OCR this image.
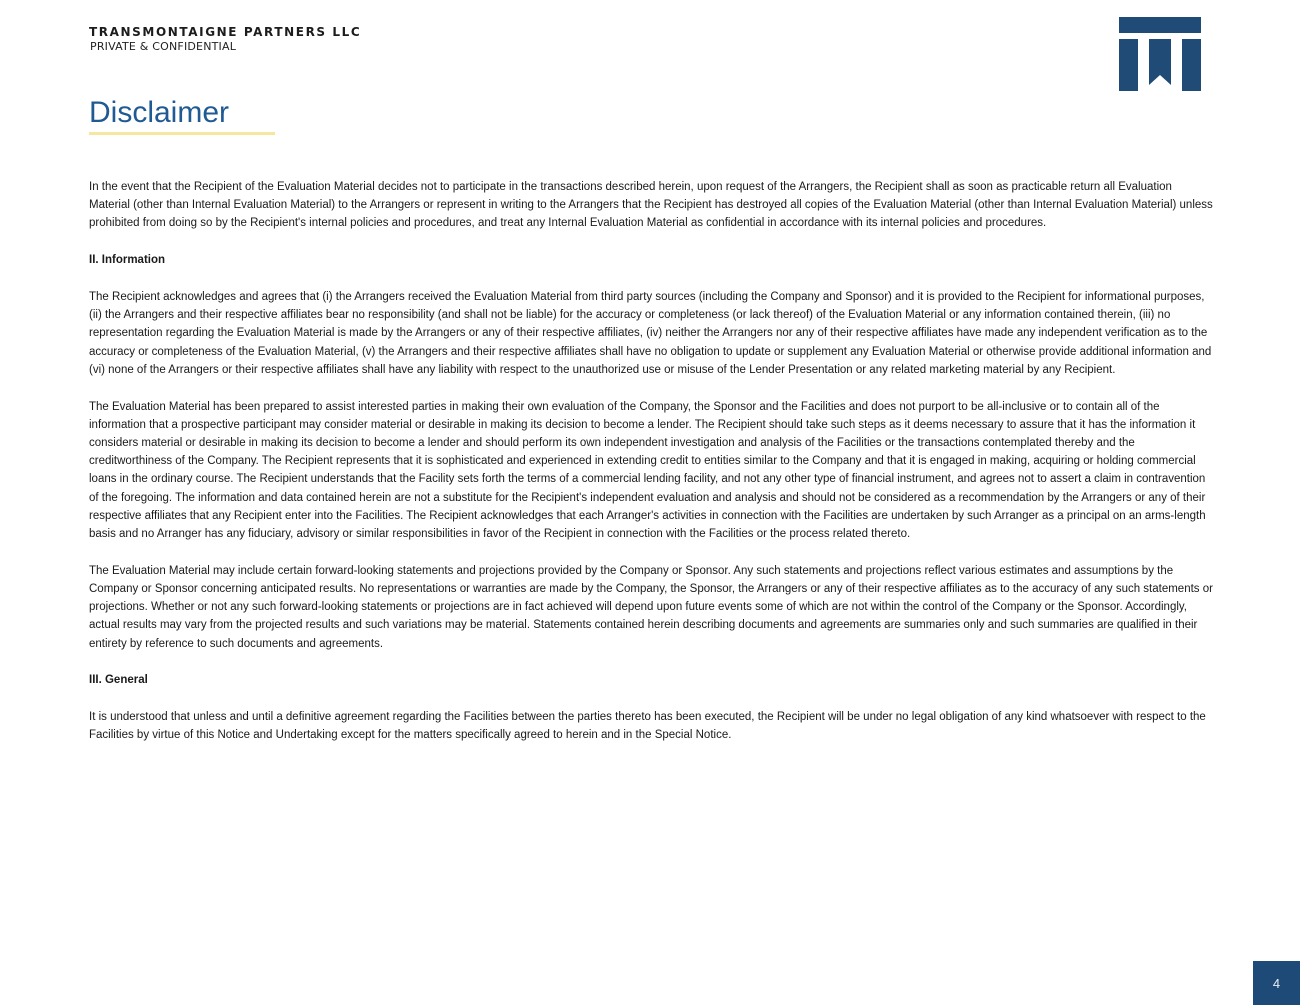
TRANSMONTAIGNE PARTNERS LLC
PRIVATE & CONFIDENTIAL
Disclaimer

In the event that the Recipient of the Evaluation Material decides not to participate in the transactions described herein, upon request of the Arrangers, the Recipient shall as soon as practicable return all Evaluation Material (other than Internal Evaluation Material) to the Arrangers or represent in writing to the Arrangers that the Recipient has destroyed all copies of the Evaluation Material (other than Internal Evaluation Material) unless prohibited from doing so by the Recipient's internal policies and procedures, and treat any Internal Evaluation Material as confidential in accordance with its internal policies and procedures.

II. Information

The Recipient acknowledges and agrees that (i) the Arrangers received the Evaluation Material from third party sources (including the Company and Sponsor) and it is provided to the Recipient for informational purposes, (ii) the Arrangers and their respective affiliates bear no responsibility (and shall not be liable) for the accuracy or completeness (or lack thereof) of the Evaluation Material or any information contained therein, (iii) no representation regarding the Evaluation Material is made by the Arrangers or any of their respective affiliates, (iv) neither the Arrangers nor any of their respective affiliates have made any independent verification as to the accuracy or completeness of the Evaluation Material, (v) the Arrangers and their respective affiliates shall have no obligation to update or supplement any Evaluation Material or otherwise provide additional information and (vi) none of the Arrangers or their respective affiliates shall have any liability with respect to the unauthorized use or misuse of the Lender Presentation or any related marketing material by any Recipient.

The Evaluation Material has been prepared to assist interested parties in making their own evaluation of the Company, the Sponsor and the Facilities and does not purport to be all-inclusive or to contain all of the information that a prospective participant may consider material or desirable in making its decision to become a lender. The Recipient should take such steps as it deems necessary to assure that it has the information it considers material or desirable in making its decision to become a lender and should perform its own independent investigation and analysis of the Facilities or the transactions contemplated thereby and the creditworthiness of the Company. The Recipient represents that it is sophisticated and experienced in extending credit to entities similar to the Company and that it is engaged in making, acquiring or holding commercial loans in the ordinary course. The Recipient understands that the Facility sets forth the terms of a commercial lending facility, and not any other type of financial instrument, and agrees not to assert a claim in contravention of the foregoing. The information and data contained herein are not a substitute for the Recipient's independent evaluation and analysis and should not be considered as a recommendation by the Arrangers or any of their respective affiliates that any Recipient enter into the Facilities. The Recipient acknowledges that each Arranger's activities in connection with the Facilities are undertaken by such Arranger as a principal on an arms-length basis and no Arranger has any fiduciary, advisory or similar responsibilities in favor of the Recipient in connection with the Facilities or the process related thereto.

The Evaluation Material may include certain forward-looking statements and projections provided by the Company or Sponsor. Any such statements and projections reflect various estimates and assumptions by the Company or Sponsor concerning anticipated results. No representations or warranties are made by the Company, the Sponsor, the Arrangers or any of their respective affiliates as to the accuracy of any such statements or projections. Whether or not any such forward-looking statements or projections are in fact achieved will depend upon future events some of which are not within the control of the Company or the Sponsor. Accordingly, actual results may vary from the projected results and such variations may be material. Statements contained herein describing documents and agreements are summaries only and such summaries are qualified in their entirety by reference to such documents and agreements.

III. General

It is understood that unless and until a definitive agreement regarding the Facilities between the parties thereto has been executed, the Recipient will be under no legal obligation of any kind whatsoever with respect to the Facilities by virtue of this Notice and Undertaking except for the matters specifically agreed to herein and in the Special Notice.

4
